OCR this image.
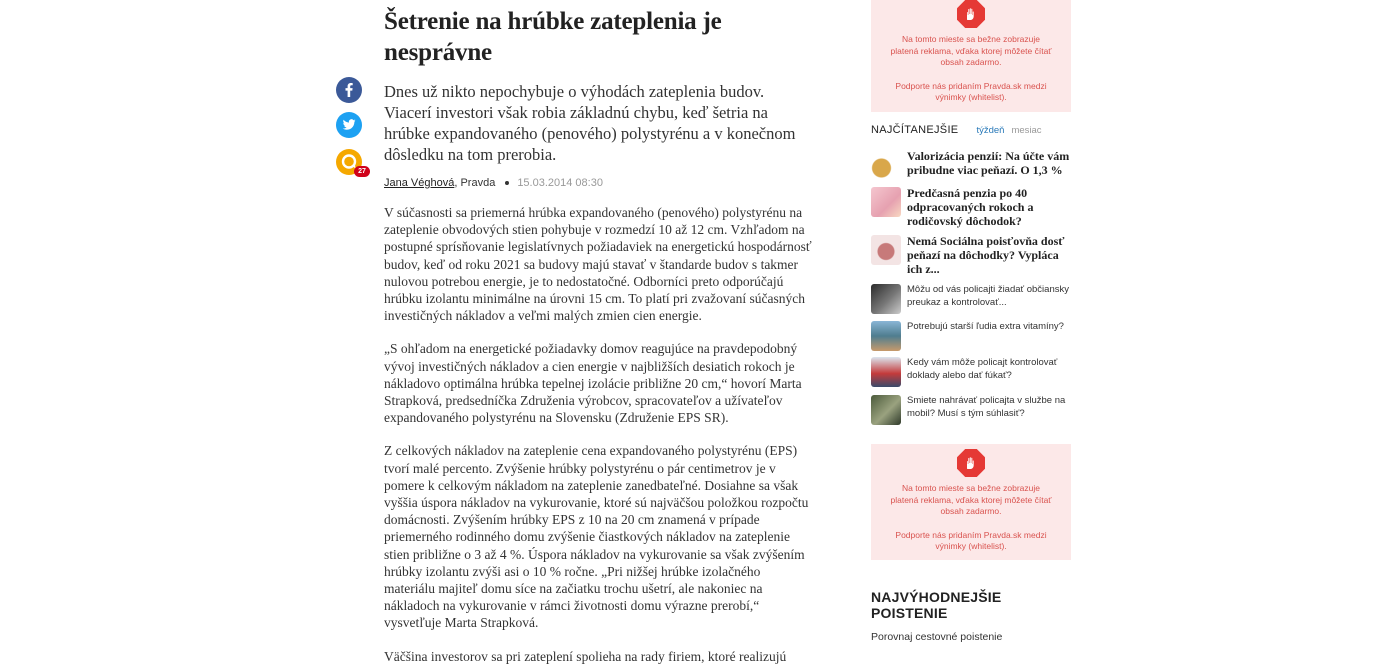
27
Šetrenie na hrúbke zateplenia je nesprávne

Dnes už nikto nepochybuje o výhodách zateplenia budov. Viacerí investori však robia základnú chybu, keď šetria na hrúbke expandovaného (penového) polystyrénu a v konečnom dôsledku na tom prerobia.

Jana Véghová , Pravda 15.03.2014 08:30

V súčasnosti sa priemerná hrúbka expandovaného (penového) polystyrénu na zateplenie obvodových stien pohybuje v rozmedzí 10 až 12 cm. Vzhľadom na postupné sprísňovanie legislatívnych požiadaviek na energetickú hospodárnosť budov, keď od roku 2021 sa budovy majú stavať v štandarde budov s takmer nulovou potrebou energie, je to nedostatočné. Odborníci preto odporúčajú hrúbku izolantu minimálne na úrovni 15 cm. To platí pri zvažovaní súčasných investičných nákladov a veľmi malých zmien cien energie.

„S ohľadom na energetické požiadavky domov reagujúce na pravdepodobný vývoj investičných nákladov a cien energie v najbližších desiatich rokoch je nákladovo optimálna hrúbka tepelnej izolácie približne 20 cm,“ hovorí Marta Strapková, predsedníčka Združenia výrobcov, spracovateľov a užívateľov expandovaného polystyrénu na Slovensku (Združenie EPS SR).

Z celkových nákladov na zateplenie cena expandovaného polystyrénu (EPS) tvorí malé percento. Zvýšenie hrúbky polystyrénu o pár centimetrov je v pomere k celkovým nákladom na zateplenie zanedbateľné. Dosiahne sa však vyššia úspora nákladov na vykurovanie, ktoré sú najväčšou položkou rozpočtu domácnosti. Zvýšením hrúbky EPS z 10 na 20 cm znamená v prípade priemerného rodinného domu zvýšenie čiastkových nákladov na zateplenie stien približne o 3 až 4 %. Úspora nákladov na vykurovanie sa však zvýšením hrúbky izolantu zvýši asi o 10 % ročne. „Pri nižšej hrúbke izolačného materiálu majiteľ domu síce na začiatku trochu ušetrí, ale nakoniec na nákladoch na vykurovanie v rámci životnosti domu výrazne prerobí,“ vysvetľuje Marta Strapková.

Väčšina investorov sa pri zateplení spolieha na rady firiem, ktoré realizujú

Na tomto mieste sa bežne zobrazuje platená reklama, vďaka ktorej môžete čítať obsah zadarmo.
Podporte nás pridaním Pravda.sk medzi výnimky (whitelist).
NAJČÍTANEJŠIE týždeň mesiac
Valorizácia penzií: Na účte vám pribudne viac peňazí. O 1,3 %
Predčasná penzia po 40 odpracovaných rokoch a rodičovský dôchodok?
Nemá Sociálna poisťovňa dosť peňazí na dôchodky? Vypláca ich z...
Môžu od vás policajti žiadať občiansky preukaz a kontrolovať...
Potrebujú starší ľudia extra vitamíny?
Kedy vám môže policajt kontrolovať doklady alebo dať fúkať?
Smiete nahrávať policajta v službe na mobil? Musí s tým súhlasiť?
Na tomto mieste sa bežne zobrazuje platená reklama, vďaka ktorej môžete čítať obsah zadarmo.
Podporte nás pridaním Pravda.sk medzi výnimky (whitelist).
NAJVÝHODNEJŠIE POISTENIE
Porovnaj cestovné poistenie
